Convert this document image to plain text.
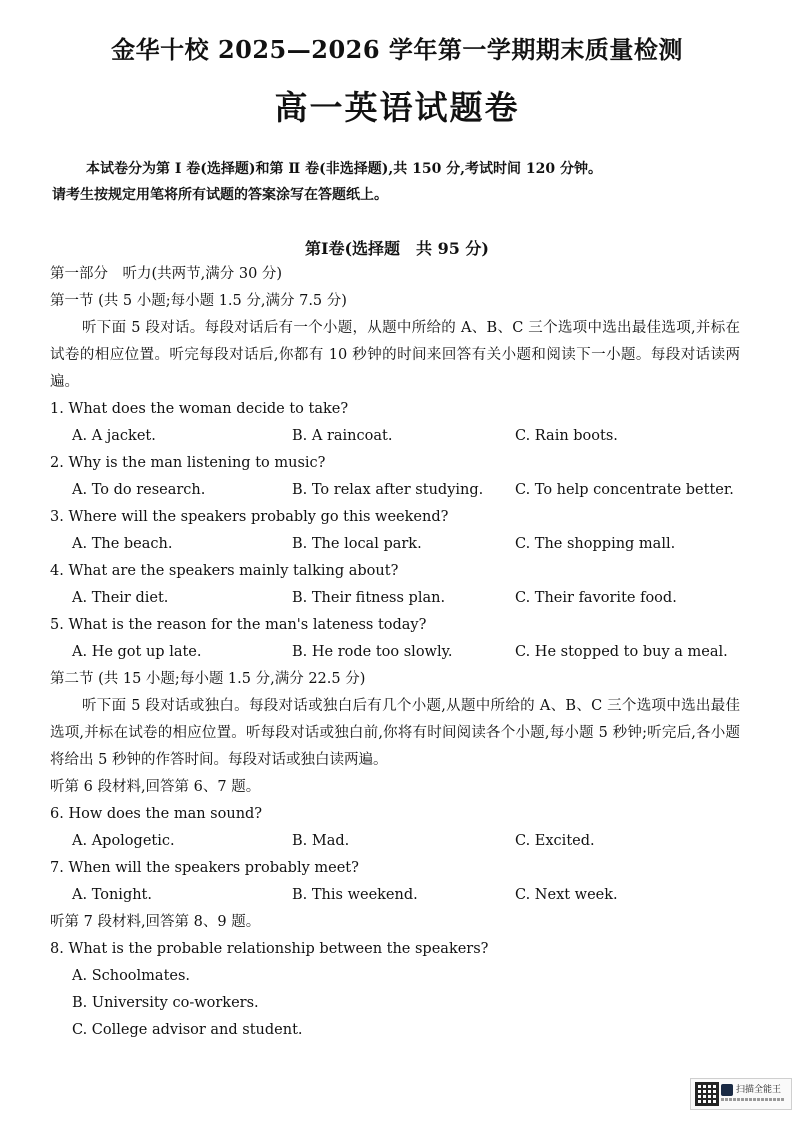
金华十校 2025—2026 学年第一学期期末质量检测
高一英语试题卷
本试卷分为第 Ⅰ 卷(选择题)和第 Ⅱ 卷(非选择题),共 150 分,考试时间 120 分钟。
请考生按规定用笔将所有试题的答案涂写在答题纸上。
第Ⅰ卷(选择题　共 95 分)
第一部分　听力(共两节,满分 30 分)
第一节 (共 5 小题;每小题 1.5 分,满分 7.5 分)
听下面 5 段对话。每段对话后有一个小题，从题中所给的 A、B、C 三个选项中选出最佳选项,并标在试卷的相应位置。听完每段对话后,你都有 10 秒钟的时间来回答有关小题和阅读下一小题。每段对话读两遍。
1. What does the woman decide to take?
A. A jacket.	B. A raincoat.	C. Rain boots.
2. Why is the man listening to music?
A. To do research.	B. To relax after studying. C. To help concentrate better.
3. Where will the speakers probably go this weekend?
A. The beach.	B. The local park.	C. The shopping mall.
4. What are the speakers mainly talking about?
A. Their diet.	B. Their fitness plan.	C. Their favorite food.
5. What is the reason for the man's lateness today?
A. He got up late.	B. He rode too slowly.	C. He stopped to buy a meal.
第二节 (共 15 小题;每小题 1.5 分,满分 22.5 分)
听下面 5 段对话或独白。每段对话或独白后有几个小题,从题中所给的 A、B、C 三个选项中选出最佳选项,并标在试卷的相应位置。听每段对话或独白前,你将有时间阅读各个小题,每小题 5 秒钟;听完后,各小题将给出 5 秒钟的作答时间。每段对话或独白读两遍。
听第 6 段材料,回答第 6、7 题。
6. How does the man sound?
A. Apologetic.	B. Mad.	C. Excited.
7. When will the speakers probably meet?
A. Tonight.	B. This weekend.	C. Next week.
听第 7 段材料,回答第 8、9 题。
8. What is the probable relationship between the speakers?
A. Schoolmates.
B. University co-workers.
C. College advisor and student.
扫描全能王
